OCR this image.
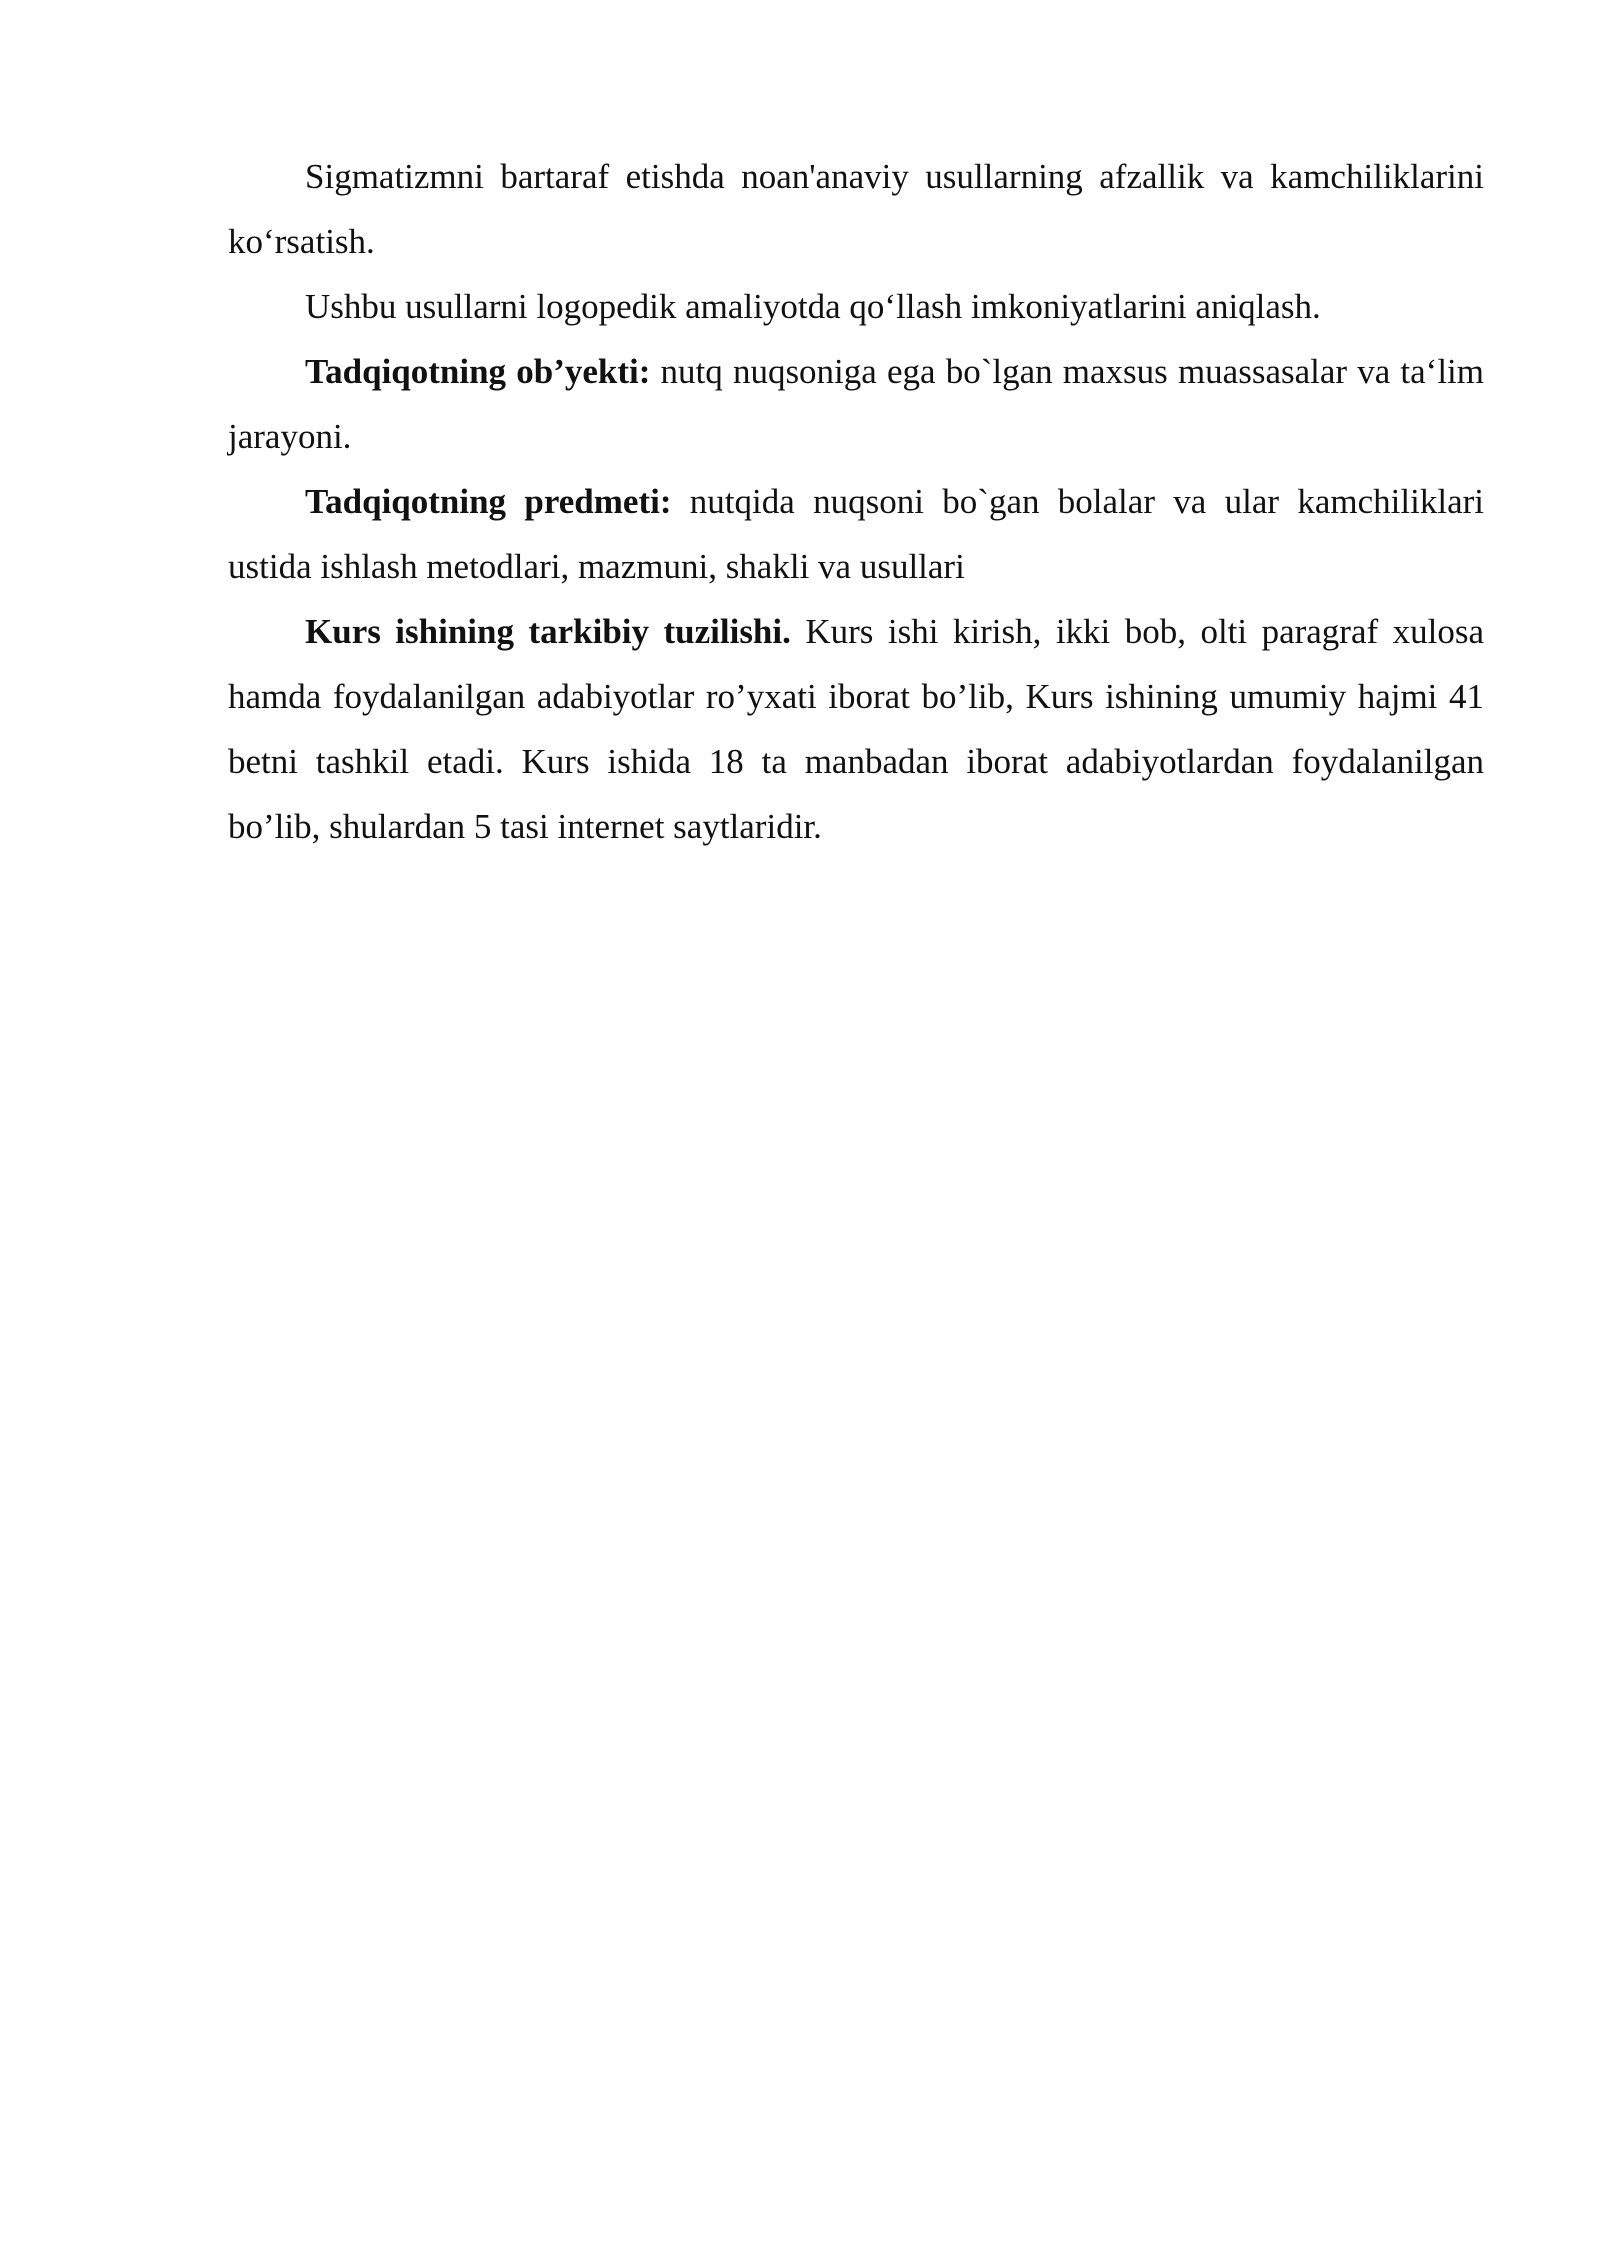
Sigmatizmni bartaraf etishda noan'anaviy usullarning afzallik va kamchiliklarini ko‘rsatish.

Ushbu usullarni logopedik amaliyotda qo‘llash imkoniyatlarini aniqlash.

Tadqiqotning ob’yekti: nutq nuqsoniga ega bo`lgan maxsus muassasalar va ta‘lim jarayoni.

Tadqiqotning predmeti: nutqida nuqsoni bo`gan bolalar va ular kamchiliklari ustida ishlash metodlari, mazmuni, shakli va usullari

Kurs ishining tarkibiy tuzilishi. Kurs ishi kirish, ikki bob, olti paragraf xulosa hamda foydalanilgan adabiyotlar ro’yxati iborat bo’lib, Kurs ishining umumiy hajmi 41 betni tashkil etadi. Kurs ishida 18 ta manbadan iborat adabiyotlardan foydalanilgan bo’lib, shulardan 5 tasi internet saytlaridir.
